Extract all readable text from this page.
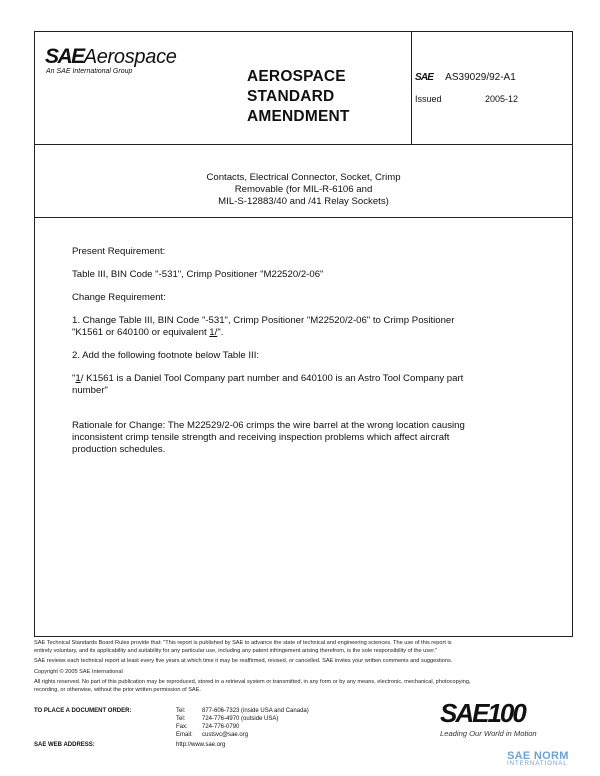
SAEAerospace
An SAE International Group	AEROSPACE
STANDARD
AMENDMENT
SAE AS39029/92-A1
Issued	2005-12
Contacts, Electrical Connector, Socket, Crimp
Removable (for MIL-R-6106 and
MIL-S-12883/40 and /41 Relay Sockets)

Present Requirement:

Table III, BIN Code "-531", Crimp Positioner "M22520/2-06"

Change Requirement:

1. Change Table III, BIN Code "-531", Crimp Positioner "M22520/2-06" to Crimp Positioner

"K1561 or 640100 or equivalent 1/".

2. Add the following footnote below Table III:

"1/ K1561 is a Daniel Tool Company part number and 640100 is an Astro Tool Company part

number"

Rationale for Change: The M22529/2-06 crimps the wire barrel at the wrong location causing

inconsistent crimp tensile strength and receiving inspection problems which affect aircraft

production schedules.

SAE Technical Standards Board Rules provide that: "This report is published by SAE to advance the state of technical and engineering sciences. The use of this report is

entirely voluntary, and its applicability and suitability for any particular use, including any patent infringement arising therefrom, is the sole responsibility of the user."

SAE reviews each technical report at least every five years at which time it may be reaffirmed, revised, or cancelled. SAE invites your written comments and suggestions.

Copyright © 2005 SAE International

All rights reserved. No part of this publication may be reproduced, stored in a retrieval system or transmitted, in any form or by any means, electronic, mechanical, photocopying,

recording, or otherwise, without the prior written permission of SAE.

TO PLACE A DOCUMENT ORDER:	Tel:	877-606-7323 (inside USA and Canada)
Tel:	724-776-4970 (outside USA)
Fax: 724-776-0790
Email: custsvc@sae.org
SAE WEB ADDRESS:	http://www.sae.org
SAE100
Leading Our World in Motion
SAE NORM
INTERNATIONAL
